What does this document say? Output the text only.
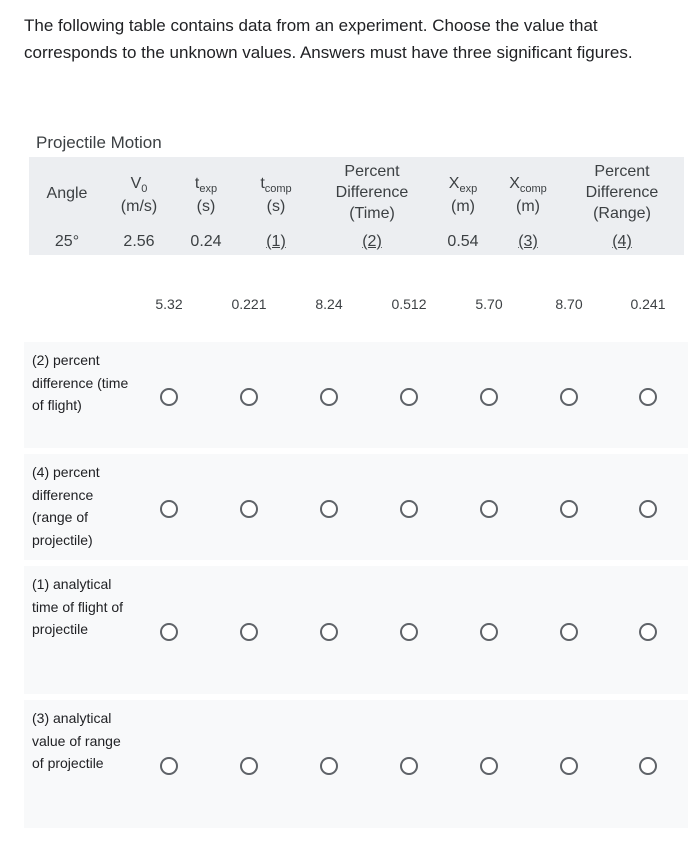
The following table contains data from an experiment. Choose the value that corresponds to the unknown values. Answers must have three significant figures.
Projectile Motion
Angle
$V_0$
(m/s)
$t_{exp}$
(s)
$t_{comp}$
(s)
Percent
Difference
(Time)
$X_{exp}$
(m)
$X_{comp}$
(m)
Percent
Difference
(Range)
25°	2.56	0.24	(1)	(2)	0.54	(3)	(4)
5.32	0.221	8.24	0.512	5.70	8.70	0.241
(2) percent difference (time of flight)
(4) percent difference (range of projectile)
(1) analytical time of flight of projectile
(3) analytical value of range of projectile
